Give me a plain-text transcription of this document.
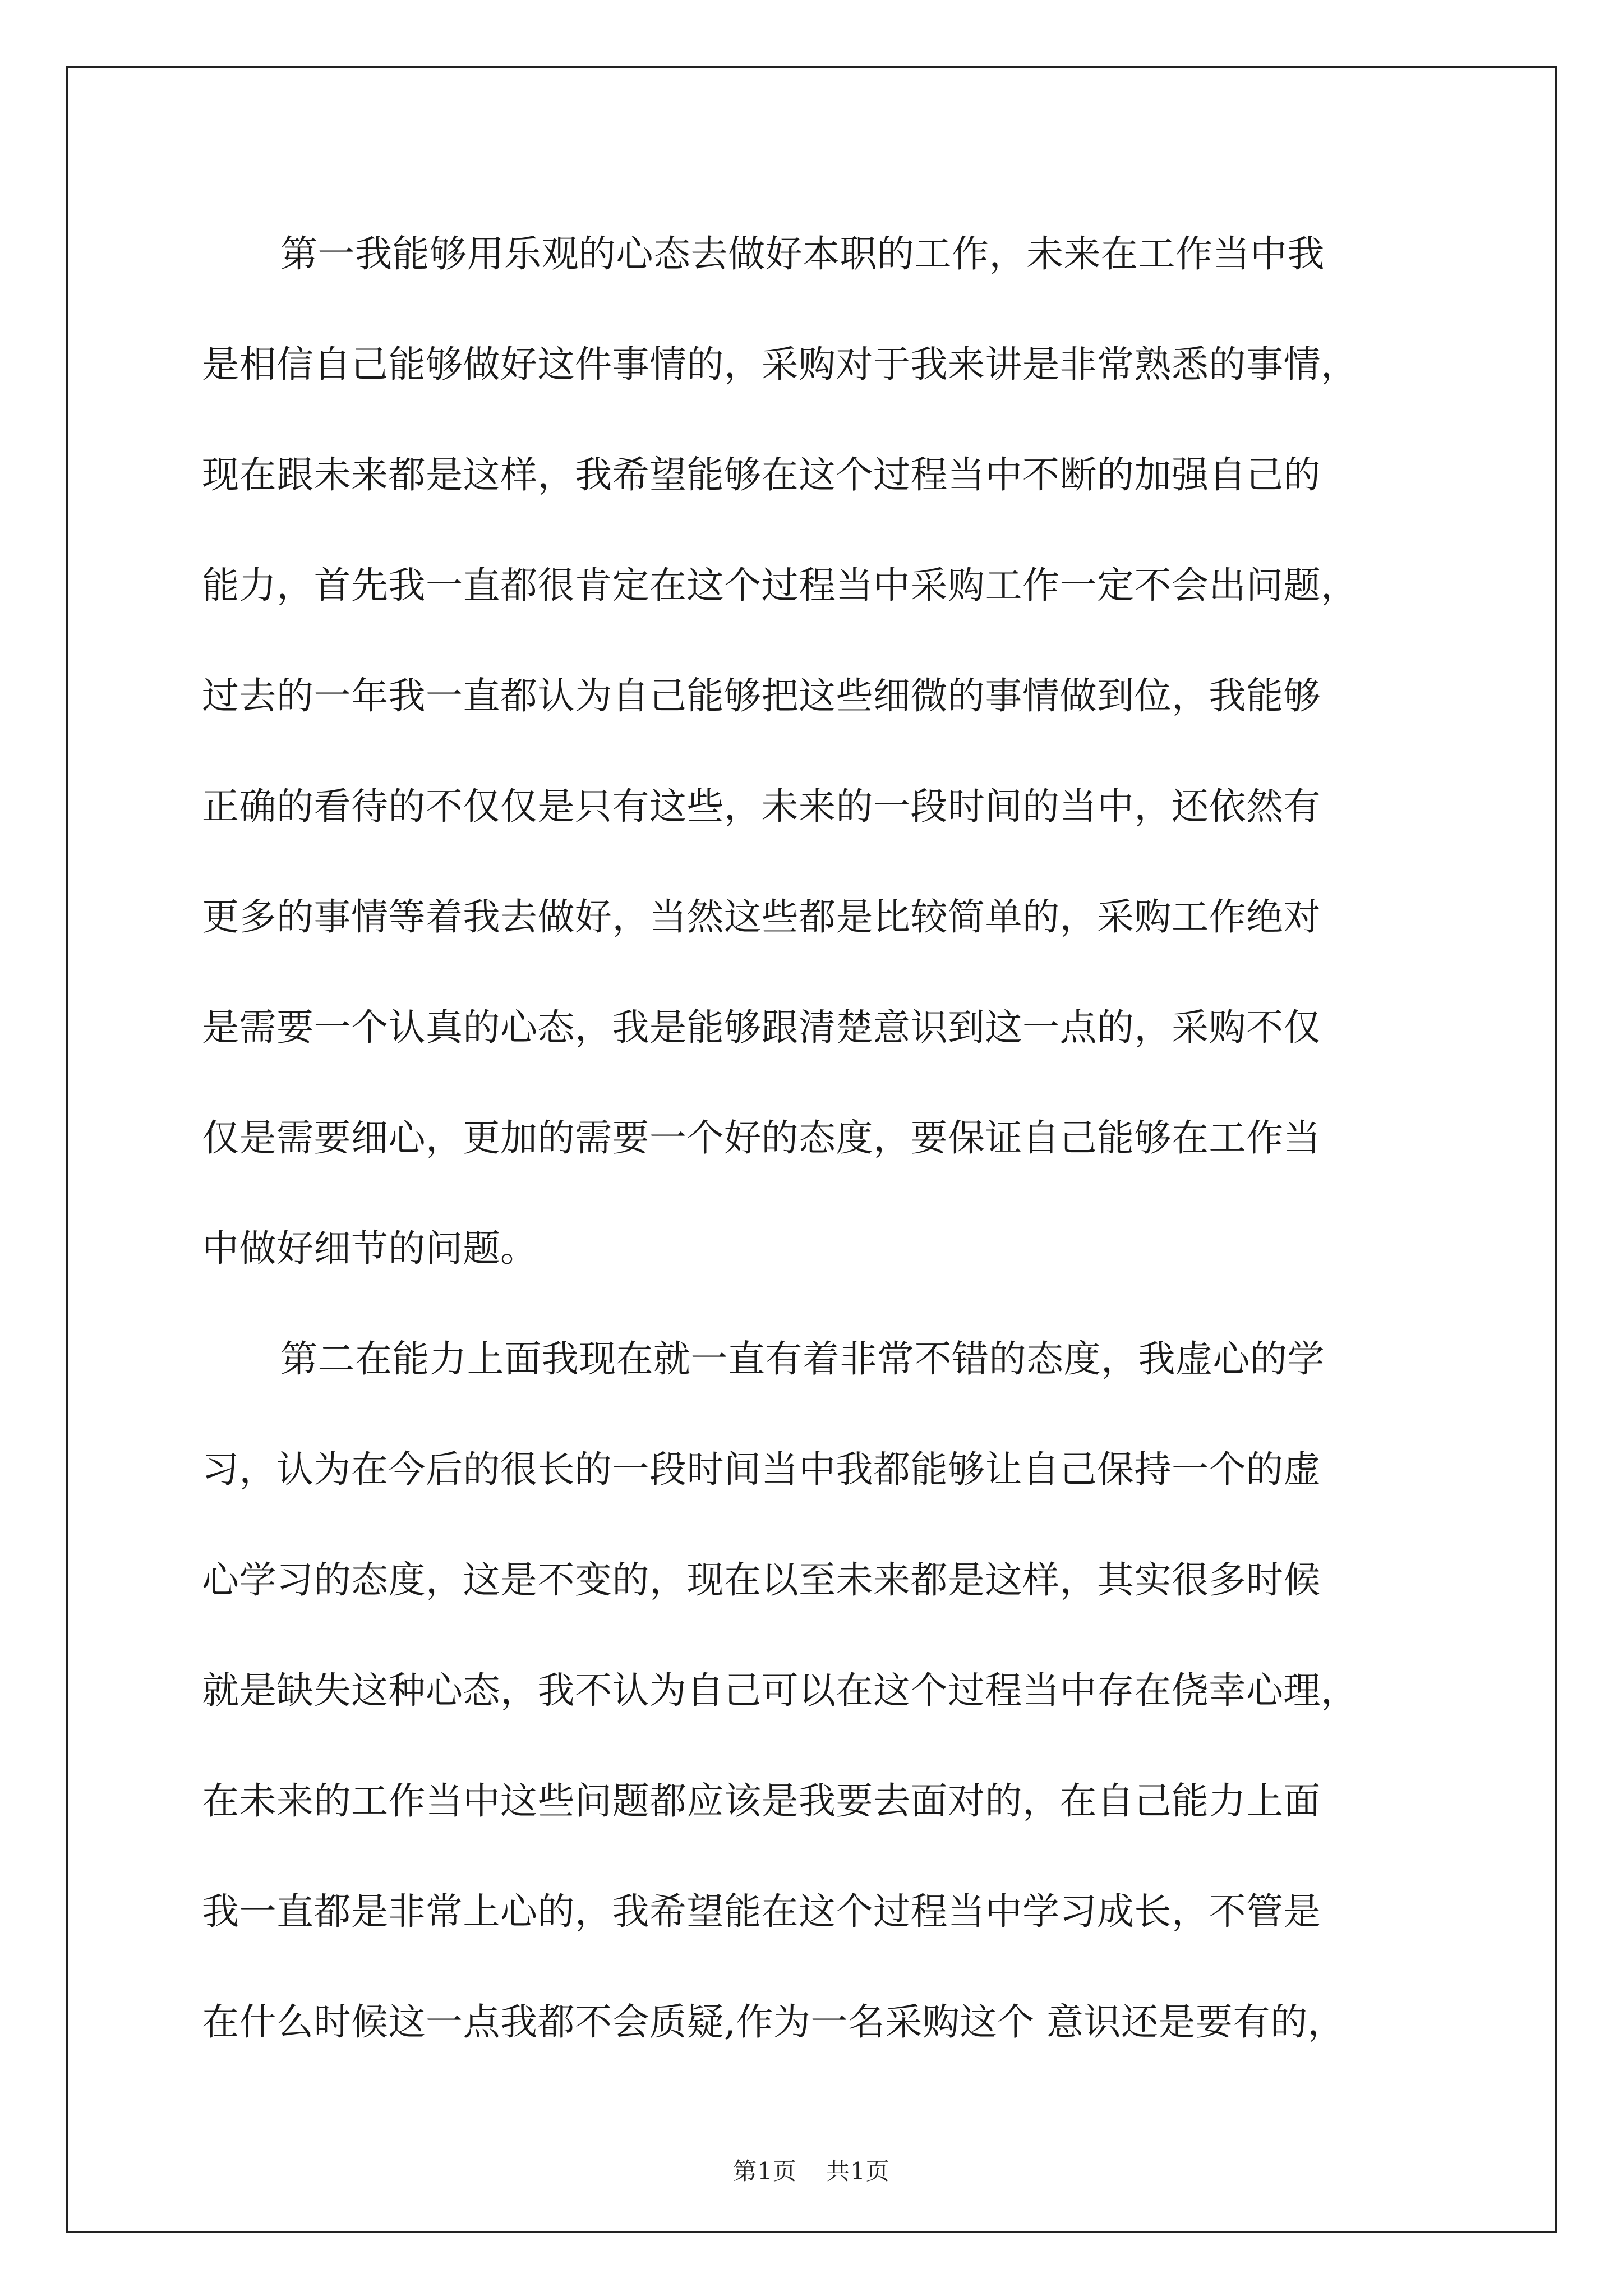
第一我能够用乐观的心态去做好本职的工作，未来在工作当中我
是相信自己能够做好这件事情的，采购对于我来讲是非常熟悉的事情，
现在跟未来都是这样，我希望能够在这个过程当中不断的加强自己的
能力，首先我一直都很肯定在这个过程当中采购工作一定不会出问题，
过去的一年我一直都认为自己能够把这些细微的事情做到位，我能够
正确的看待的不仅仅是只有这些，未来的一段时间的当中，还依然有
更多的事情等着我去做好，当然这些都是比较简单的，采购工作绝对
是需要一个认真的心态，我是能够跟清楚意识到这一点的，采购不仅
仅是需要细心，更加的需要一个好的态度，要保证自己能够在工作当
中做好细节的问题。
第二在能力上面我现在就一直有着非常不错的态度，我虚心的学
习，认为在今后的很长的一段时间当中我都能够让自己保持一个的虚
心学习的态度，这是不变的，现在以至未来都是这样，其实很多时候
就是缺失这种心态，我不认为自己可以在这个过程当中存在侥幸心理，
在未来的工作当中这些问题都应该是我要去面对的，在自己能力上面
我一直都是非常上心的，我希望能在这个过程当中学习成长，不管是
在什么时候这一点我都不会质疑,作为一名采购这个 意识还是要有的，
第1页 共1页
